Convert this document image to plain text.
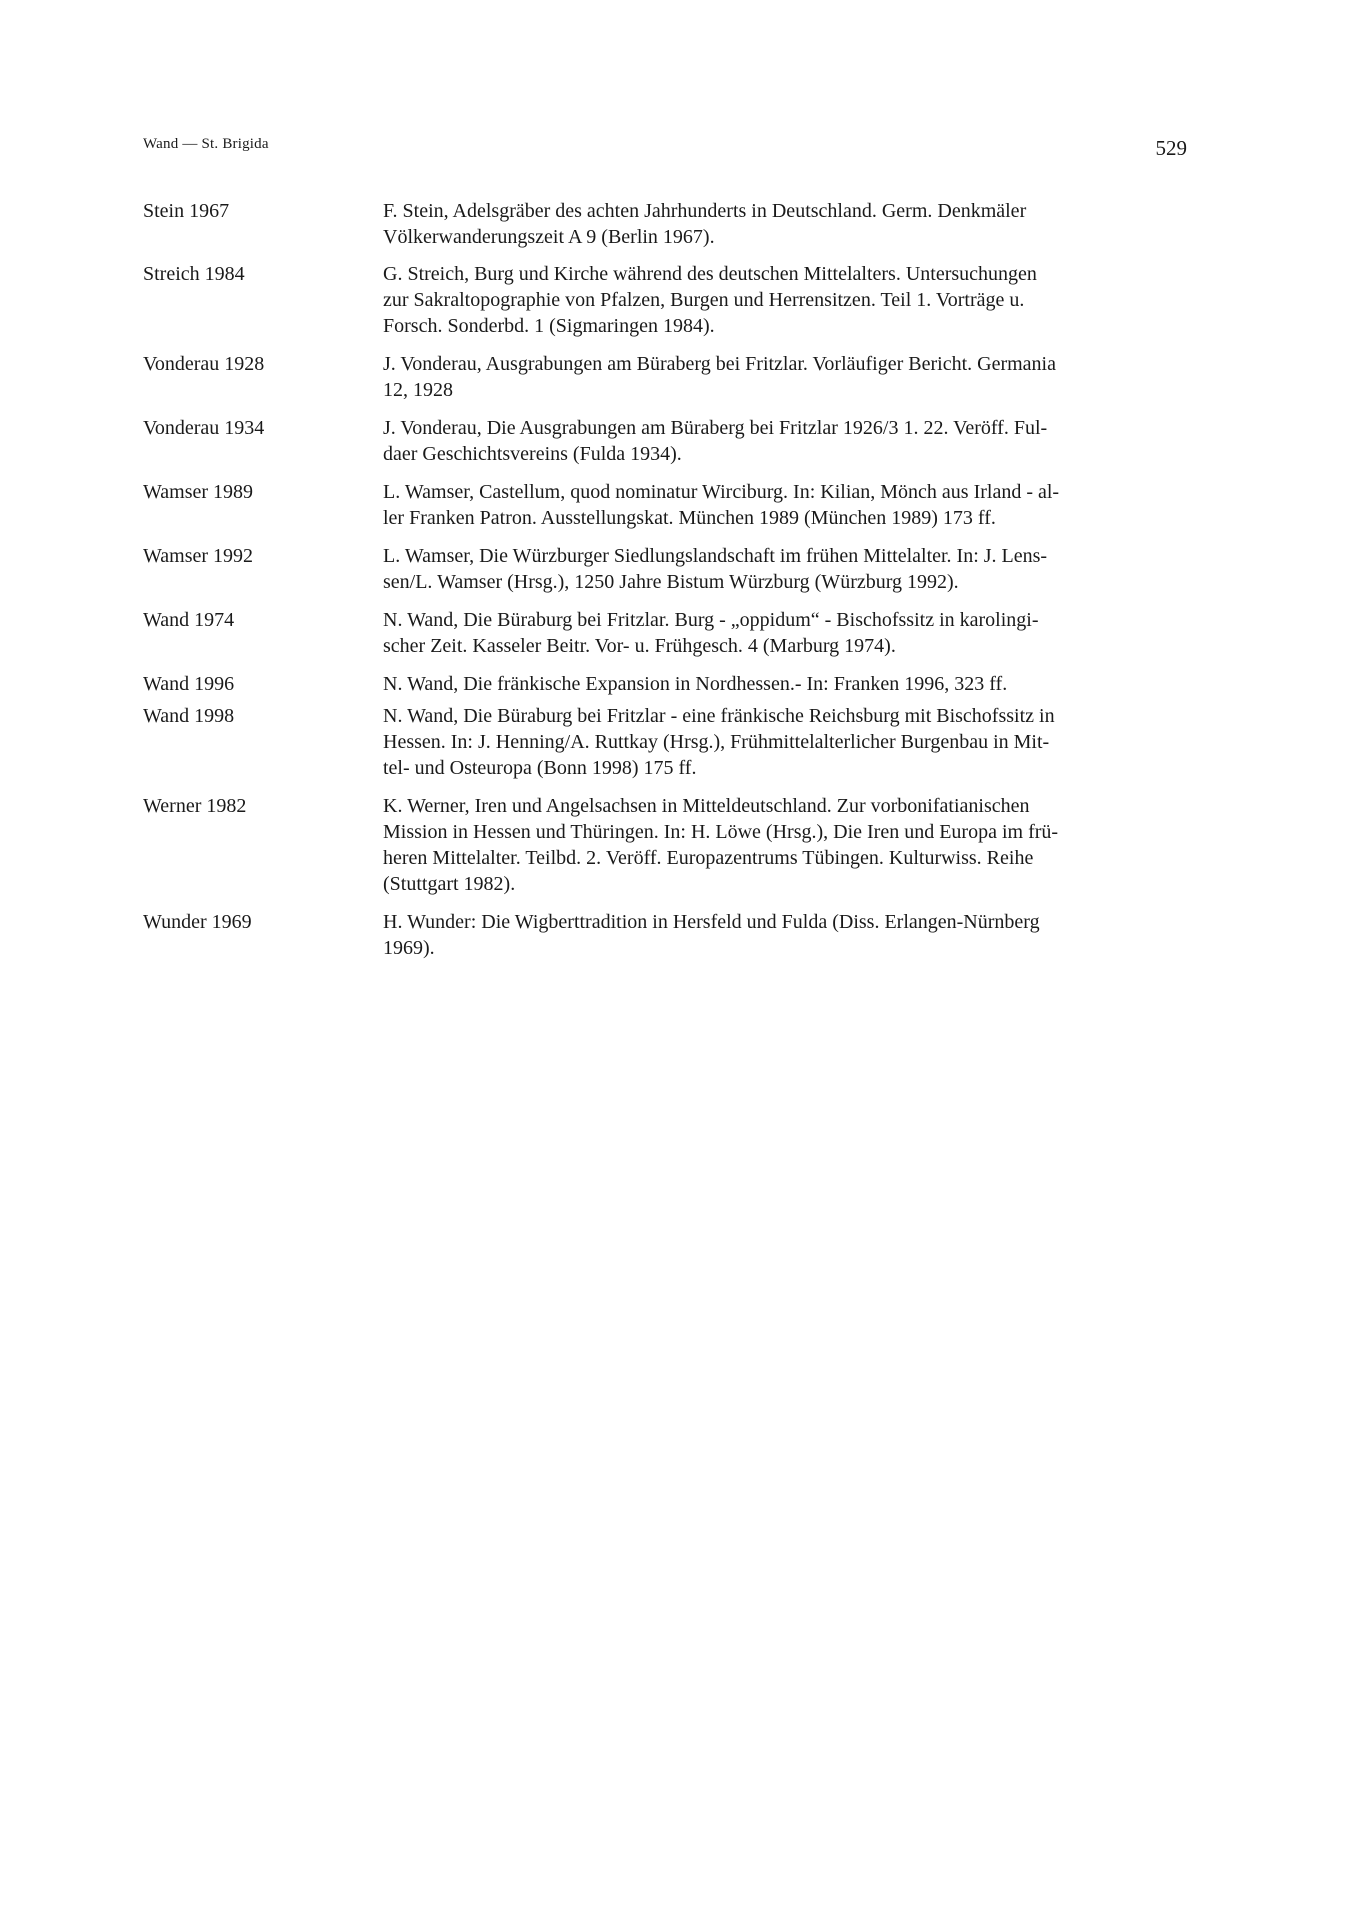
Wand — St. Brigida	529
Stein 1967	F. Stein, Adelsgräber des achten Jahrhunderts in Deutschland. Germ. Denkmäler
Völkerwanderungszeit A 9 (Berlin 1967).
Streich 1984	G. Streich, Burg und Kirche während des deutschen Mittelalters. Untersuchungen
zur Sakraltopographie von Pfalzen, Burgen und Herrensitzen. Teil 1. Vorträge u.
Forsch. Sonderbd. 1 (Sigmaringen 1984).
Vonderau 1928	J. Vonderau, Ausgrabungen am Büraberg bei Fritzlar. Vorläufiger Bericht. Germania
12, 1928
Vonderau 1934	J. Vonderau, Die Ausgrabungen am Büraberg bei Fritzlar 1926/3 1. 22. Veröff. Ful-
daer Geschichtsvereins (Fulda 1934).
Wamser 1989	L. Wamser, Castellum, quod nominatur Wirciburg. In: Kilian, Mönch aus Irland - al-
ler Franken Patron. Ausstellungskat. München 1989 (München 1989) 173 ff.
Wamser 1992	L. Wamser, Die Würzburger Siedlungslandschaft im frühen Mittelalter. In: J. Lens-
sen/L. Wamser (Hrsg.), 1250 Jahre Bistum Würzburg (Würzburg 1992).
Wand 1974	N. Wand, Die Büraburg bei Fritzlar. Burg - „oppidum“ - Bischofssitz in karolingi-
scher Zeit. Kasseler Beitr. Vor- u. Frühgesch. 4 (Marburg 1974).
Wand 1996	N. Wand, Die fränkische Expansion in Nordhessen.- In: Franken 1996, 323 ff.
Wand 1998	N. Wand, Die Büraburg bei Fritzlar - eine fränkische Reichsburg mit Bischofssitz in
Hessen. In: J. Henning/A. Ruttkay (Hrsg.), Frühmittelalterlicher Burgenbau in Mit-
tel- und Osteuropa (Bonn 1998) 175 ff.
Werner 1982	K. Werner, Iren und Angelsachsen in Mitteldeutschland. Zur vorbonifatianischen
Mission in Hessen und Thüringen. In: H. Löwe (Hrsg.), Die Iren und Europa im frü-
heren Mittelalter. Teilbd. 2. Veröff. Europazentrums Tübingen. Kulturwiss. Reihe
(Stuttgart 1982).
Wunder 1969	H. Wunder: Die Wigberttradition in Hersfeld und Fulda (Diss. Erlangen-Nürnberg
1969).
